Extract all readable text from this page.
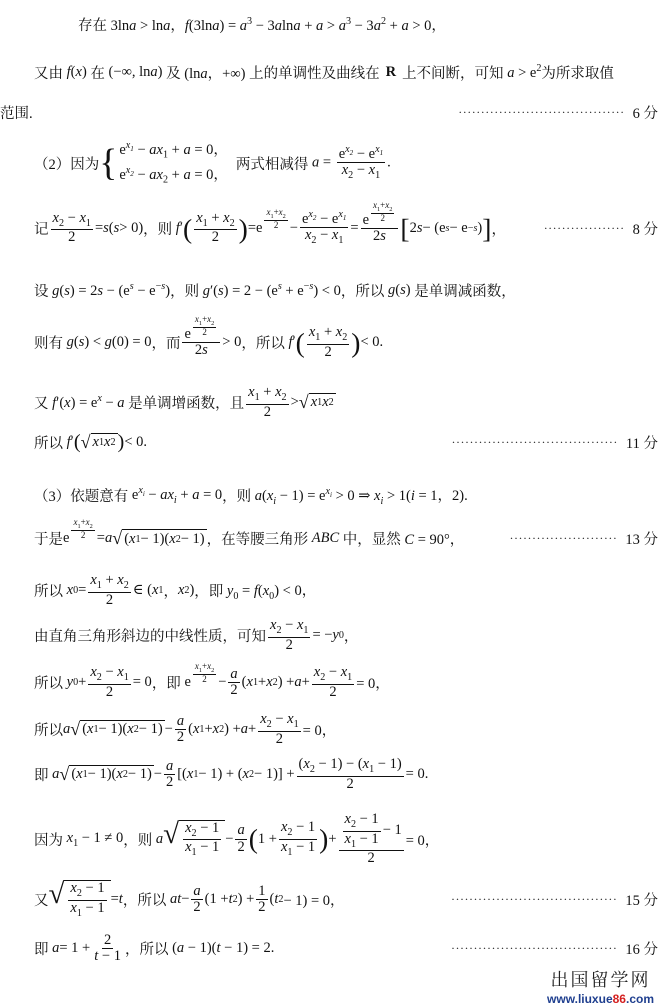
存在 3lna > lna，$f(3\ln a) = a^3 - 3alna + a > a^3 - 3a^2 + a > 0$，
又由 f(x) 在 (−∞, lna) 及 (lna，+∞) 上的单调性及曲线在 R 上不间断，可知 $a > e^2$ 为所求取值
范围.	····································· 6 分
（2）因为 { $e^{x_1} - ax_1 + a = 0$，
$e^{x_2} - ax_2 + a = 0$，
两式相减得 $a = \frac{e^{x_2} - e^{x_1}}{x_2 - x_1}$ .
记 $\frac{x_2 - x_1}{2} = s$ ( s > 0) ，则
f ′ ( $\frac{x_1 + x_2}{2}$ ) = e $\frac{x_1+x_2}{2} - \frac{e^{x_2} - e^{x_1}}{x_2 - x_1} = \frac{e \frac{x_1+x_2}{2}}{2s}$ [ 2 s − (e s − e −s ) ] ，	·················· 8 分
设 $g(s) = 2s - (e^s - e^{-s})$ ，则 $g'(s) = 2 - (e^s + e^{-s}) < 0$ ，所以 g(s) 是单调减函数，
则有 g(s) < g(0) = 0 ，而 $\frac{e \frac{x_1+x_2}{2}}{2s} > 0$ ，所以
f ′ ( $\frac{x_1 + x_2}{2}$ ) < 0.
又 $f'(x) = e^x - a$ 是单调增函数， 且 $\frac{x_1 + x_2}{2}$ > √ x 1 x 2
所以
f ′ ( √ x 1 x 2 ) < 0.	····································· 11 分
（3）依题意有 $e^{x_i} - ax_i + a = 0$ ，则 $a(x_i - 1) = e^{x_i} > 0$ ⇒ $x_i > 1(i = 1$，2).
于是 e $\frac{x_1+x_2}{2} = a$ √ ( x 1 − 1)( x 2 − 1) ，在等腰三角形 ABC 中，显然 C = 90°，	························ 13 分
所以
x $0 = \frac{x_1 + x_2}{2}$ ∈ ( x 1 ， x 2 ) ，即 $y_0 = f(x_0) < 0$，
由直角三角形斜边的中线性质，可知 $\frac{x_2 - x_1}{2}$ = − y 0 ，
所以
y $0 + \frac{x_2 - x_1}{2} = 0$ ，即
e $\frac{x_1+x_2}{2} - \frac{a}{2}$ ( x 1 + x 2 ) + $a + \frac{x_2 - x_1}{2} = 0$，
所以 a √ ( x 1 − 1)( x $2 - 1) - \frac{a}{2}$ ( x 1 + x 2 ) + $a + \frac{x_2 - x_1}{2} = 0$，
即
a √ ( x 1 − 1)( x $2 - 1) - \frac{a}{2}$ [( x 1 − 1) + ( x $2 - 1)] + \frac{(x_2 - 1) - (x_1 - 1)}{2} = 0$.
因为 $x_1 - 1 \ne 0$ ，则
a √ $\frac{x_2 - 1}{x_1 - 1} - \frac{a}{2}$ ( $1 + \frac{x_2 - 1}{x_1 - 1}$ ) + $\frac{\frac{x_2 - 1}{x_1 - 1} - 1}{2} = 0$，
又 √ $\frac{x_2 - 1}{x_1 - 1} = t$ ，所以
at − $\frac{a}{2} (1 + t$ 2 ) + $\frac{1}{2}$ ( t 2 − 1) = 0，	····································· 15 分
即
$a = 1 + \frac{2}{t - 1}$ ，所以 (a − 1)(t − 1) = 2.	····································· 16 分
出国留学网
www.liuxue86.com
